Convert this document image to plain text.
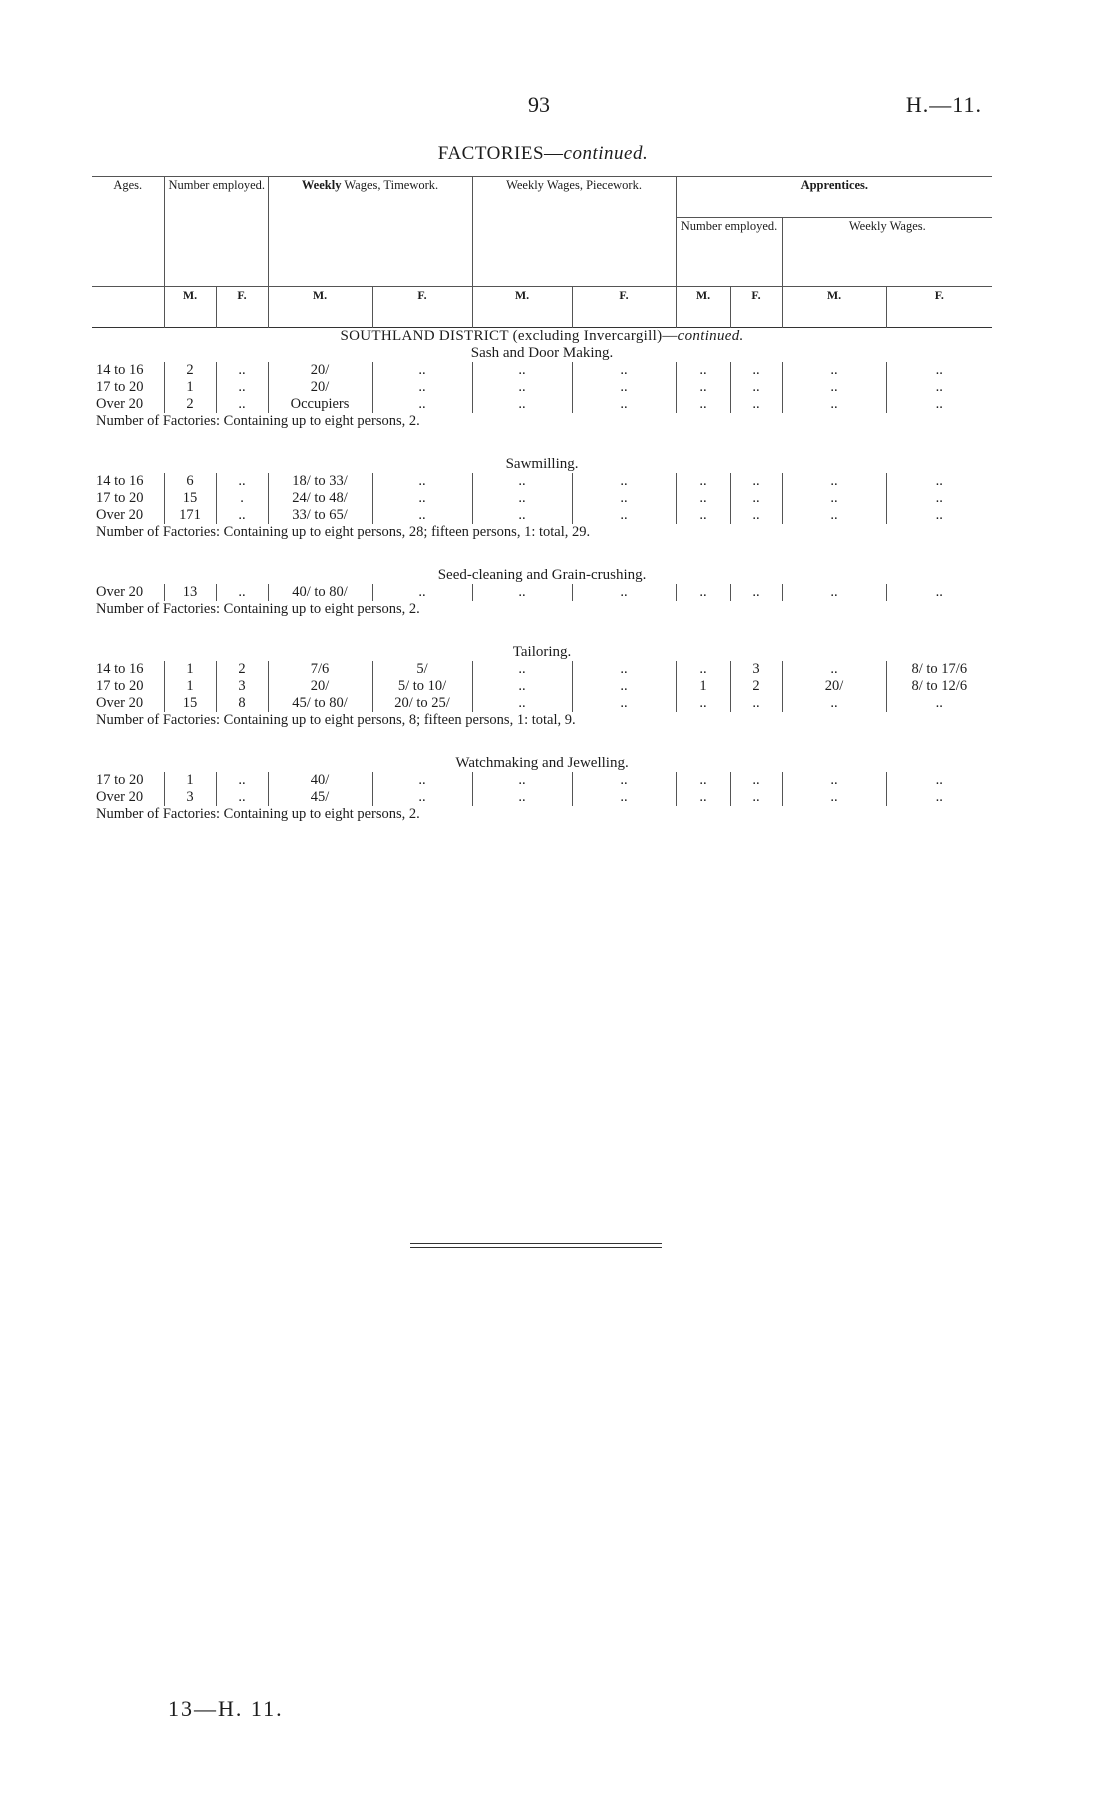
93	H.—11.
FACTORIES—continued.
Ages.	Number employed.		Weekly Wages, Timework.		Weekly Wages, Piecework.		Apprentices.			
							Number employed.		Weekly Wages.	
	M.	F.	M.	F.	M.	F.	M.	F.	M.	F.
SOUTHLAND DISTRICT (excluding Invercargill)—continued.										
Sash and Door Making.										
14 to 16	2	..	20/	..	..	..	..	..	..	..
17 to 20	1	..	20/	..	..	..	..	..	..	..
Over 20	2	..	Occupiers	..	..	..	..	..	..	..
Number of Factories: Containing up to eight persons, 2.										
Sawmilling.										
14 to 16	6	..	18/ to 33/	..	..	..	..	..	..	..
17 to 20	15	.	24/ to 48/	..	..	..	..	..	..	..
Over 20	171	..	33/ to 65/	..	..	..	..	..	..	..
Number of Factories: Containing up to eight persons, 28; fifteen persons, 1: total, 29.										
Seed-cleaning and Grain-crushing.										
Over 20	13	..	40/ to 80/	..	..	..	..	..	..	..
Number of Factories: Containing up to eight persons, 2.										
Tailoring.										
14 to 16	1	2	7/6	5/	..	..	..	3	..	8/ to 17/6
17 to 20	1	3	20/	5/ to 10/	..	..	1	2	20/	8/ to 12/6
Over 20	15	8	45/ to 80/	20/ to 25/	..	..	..	..	..	..
Number of Factories: Containing up to eight persons, 8; fifteen persons, 1: total, 9.										
Watchmaking and Jewelling.										
17 to 20	1	..	40/	..	..	..	..	..	..	..
Over 20	3	..	45/	..	..	..	..	..	..	..
Number of Factories: Containing up to eight persons, 2.										
13—H. 11.
